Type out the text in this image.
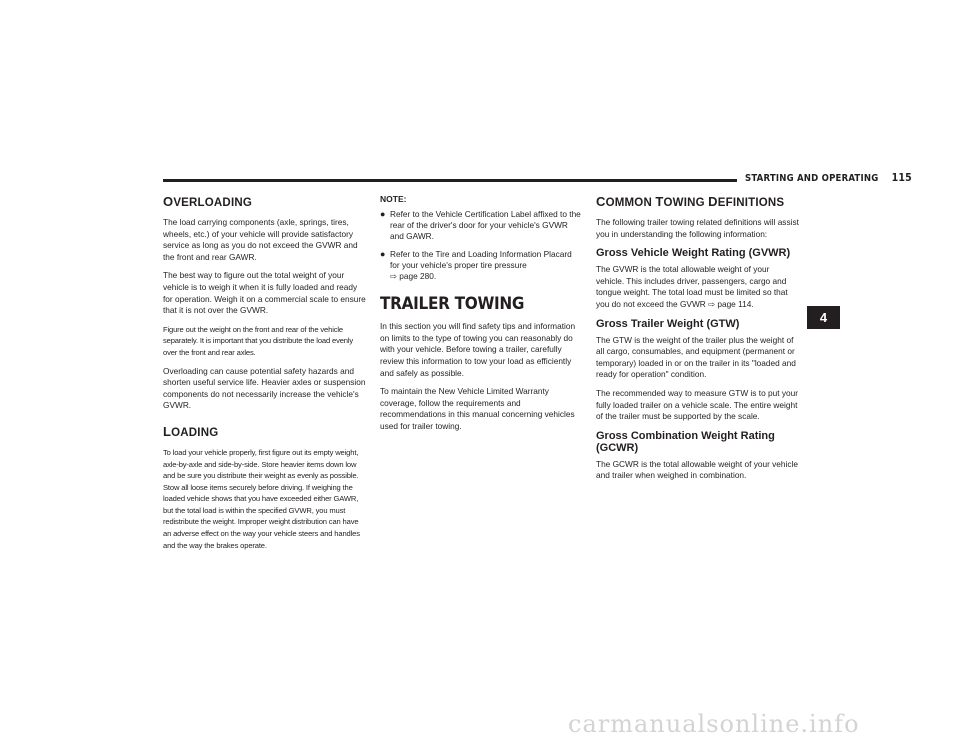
STARTING AND OPERATING 115
4
OVERLOADING

The load carrying components (axle, springs, tires, wheels, etc.) of your vehicle will provide satisfactory service as long as you do not exceed the GVWR and the front and rear GAWR.

The best way to figure out the total weight of your vehicle is to weigh it when it is fully loaded and ready for operation. Weigh it on a commercial scale to ensure that it is not over the GVWR.

Figure out the weight on the front and rear of the vehicle separately. It is important that you distribute the load evenly over the front and rear axles.

Overloading can cause potential safety hazards and shorten useful service life. Heavier axles or suspension components do not necessarily increase the vehicle's GVWR.

LOADING

To load your vehicle properly, first figure out its empty weight, axle-by-axle and side-by-side. Store heavier items down low and be sure you distribute their weight as evenly as possible. Stow all loose items securely before driving. If weighing the loaded vehicle shows that you have exceeded either GAWR, but the total load is within the specified GVWR, you must redistribute the weight. Improper weight distribution can have an adverse effect on the way your vehicle steers and handles and the way the brakes operate.

NOTE:
● Refer to the Vehicle Certification Label affixed to the rear of the driver's door for your vehicle's GVWR and GAWR.
● Refer to the Tire and Loading Information Placard for your vehicle's proper tire pressure
⇨ page 280.
TRAILER TOWING

In this section you will find safety tips and information on limits to the type of towing you can reasonably do with your vehicle. Before towing a trailer, carefully review this information to tow your load as efficiently and safely as possible.

To maintain the New Vehicle Limited Warranty coverage, follow the requirements and recommendations in this manual concerning vehicles used for trailer towing.

COMMON TOWING DEFINITIONS

The following trailer towing related definitions will assist you in understanding the following information:

Gross Vehicle Weight Rating (GVWR)

The GVWR is the total allowable weight of your vehicle. This includes driver, passengers, cargo and tongue weight. The total load must be limited so that you do not exceed the GVWR ⇨ page 114.

Gross Trailer Weight (GTW)

The GTW is the weight of the trailer plus the weight of all cargo, consumables, and equipment (permanent or temporary) loaded in or on the trailer in its "loaded and ready for operation" condition.

The recommended way to measure GTW is to put your fully loaded trailer on a vehicle scale. The entire weight of the trailer must be supported by the scale.

Gross Combination Weight Rating (GCWR)

The GCWR is the total allowable weight of your vehicle and trailer when weighed in combination.

carmanualsonline.info
